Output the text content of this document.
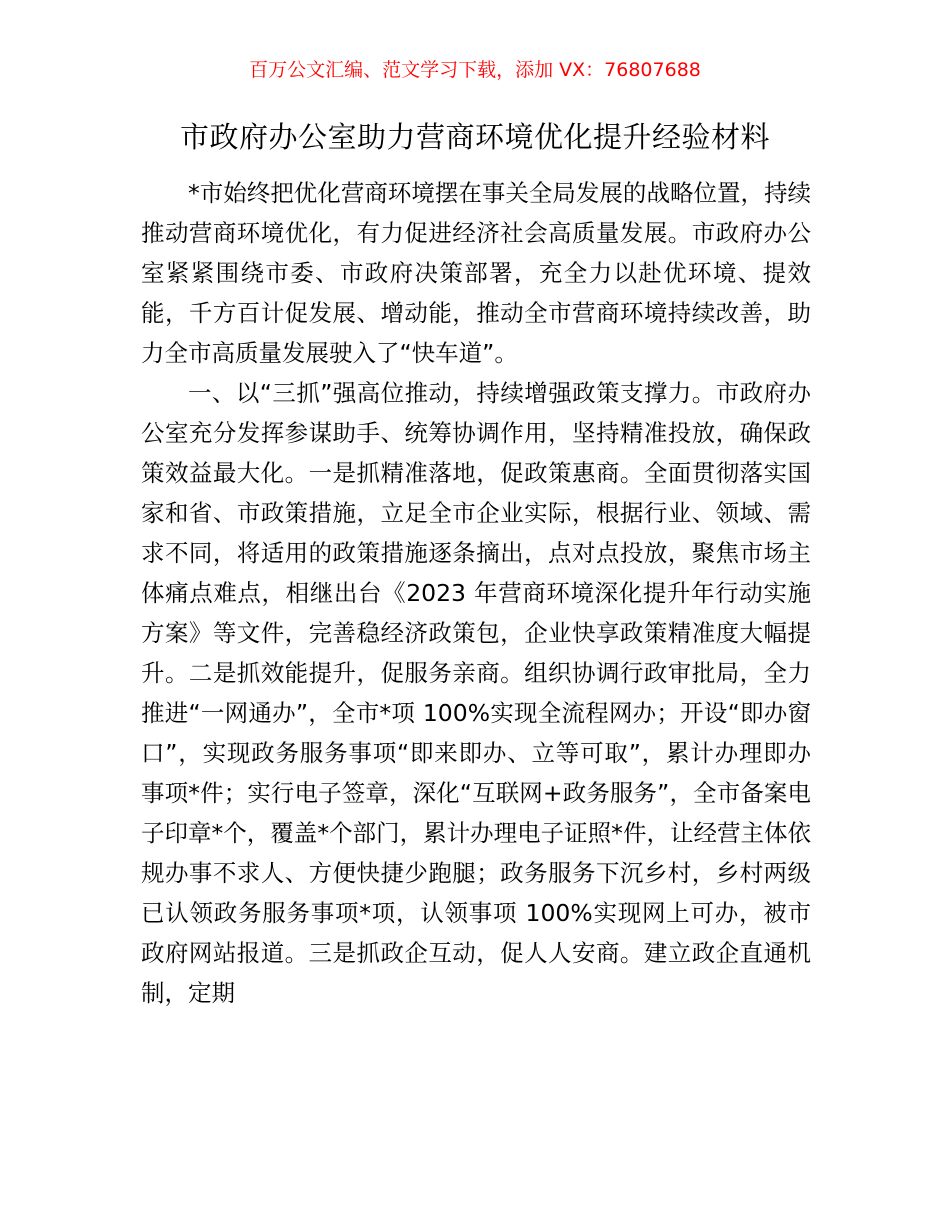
百万公文汇编、范文学习下载，添加 VX：76807688
市政府办公室助力营商环境优化提升经验材料

*市始终把优化营商环境摆在事关全局发展的战略位置，持续推动营商环境优化，有力促进经济社会高质量发展。市政府办公室紧紧围绕市委、市政府决策部署，充全力以赴优环境、提效能，千方百计促发展、增动能，推动全市营商环境持续改善，助力全市高质量发展驶入了“快车道”。

一、以“三抓”强高位推动，持续增强政策支撑力。市政府办公室充分发挥参谋助手、统筹协调作用，坚持精准投放，确保政策效益最大化。一是抓精准落地，促政策惠商。全面贯彻落实国家和省、市政策措施，立足全市企业实际，根据行业、领域、需求不同，将适用的政策措施逐条摘出，点对点投放，聚焦市场主体痛点难点，相继出台《2023 年营商环境深化提升年行动实施方案》等文件，完善稳经济政策包，企业快享政策精准度大幅提升。二是抓效能提升，促服务亲商。组织协调行政审批局，全力推进“一网通办”，全市*项 100%实现全流程网办；开设“即办窗口”，实现政务服务事项“即来即办、立等可取”，累计办理即办事项*件；实行电子签章，深化“互联网+政务服务”，全市备案电子印章*个，覆盖*个部门，累计办理电子证照*件，让经营主体依规办事不求人、方便快捷少跑腿；政务服务下沉乡村，乡村两级已认领政务服务事项*项，认领事项 100%实现网上可办，被市政府网站报道。三是抓政企互动，促人人安商。建立政企直通机制，定期
